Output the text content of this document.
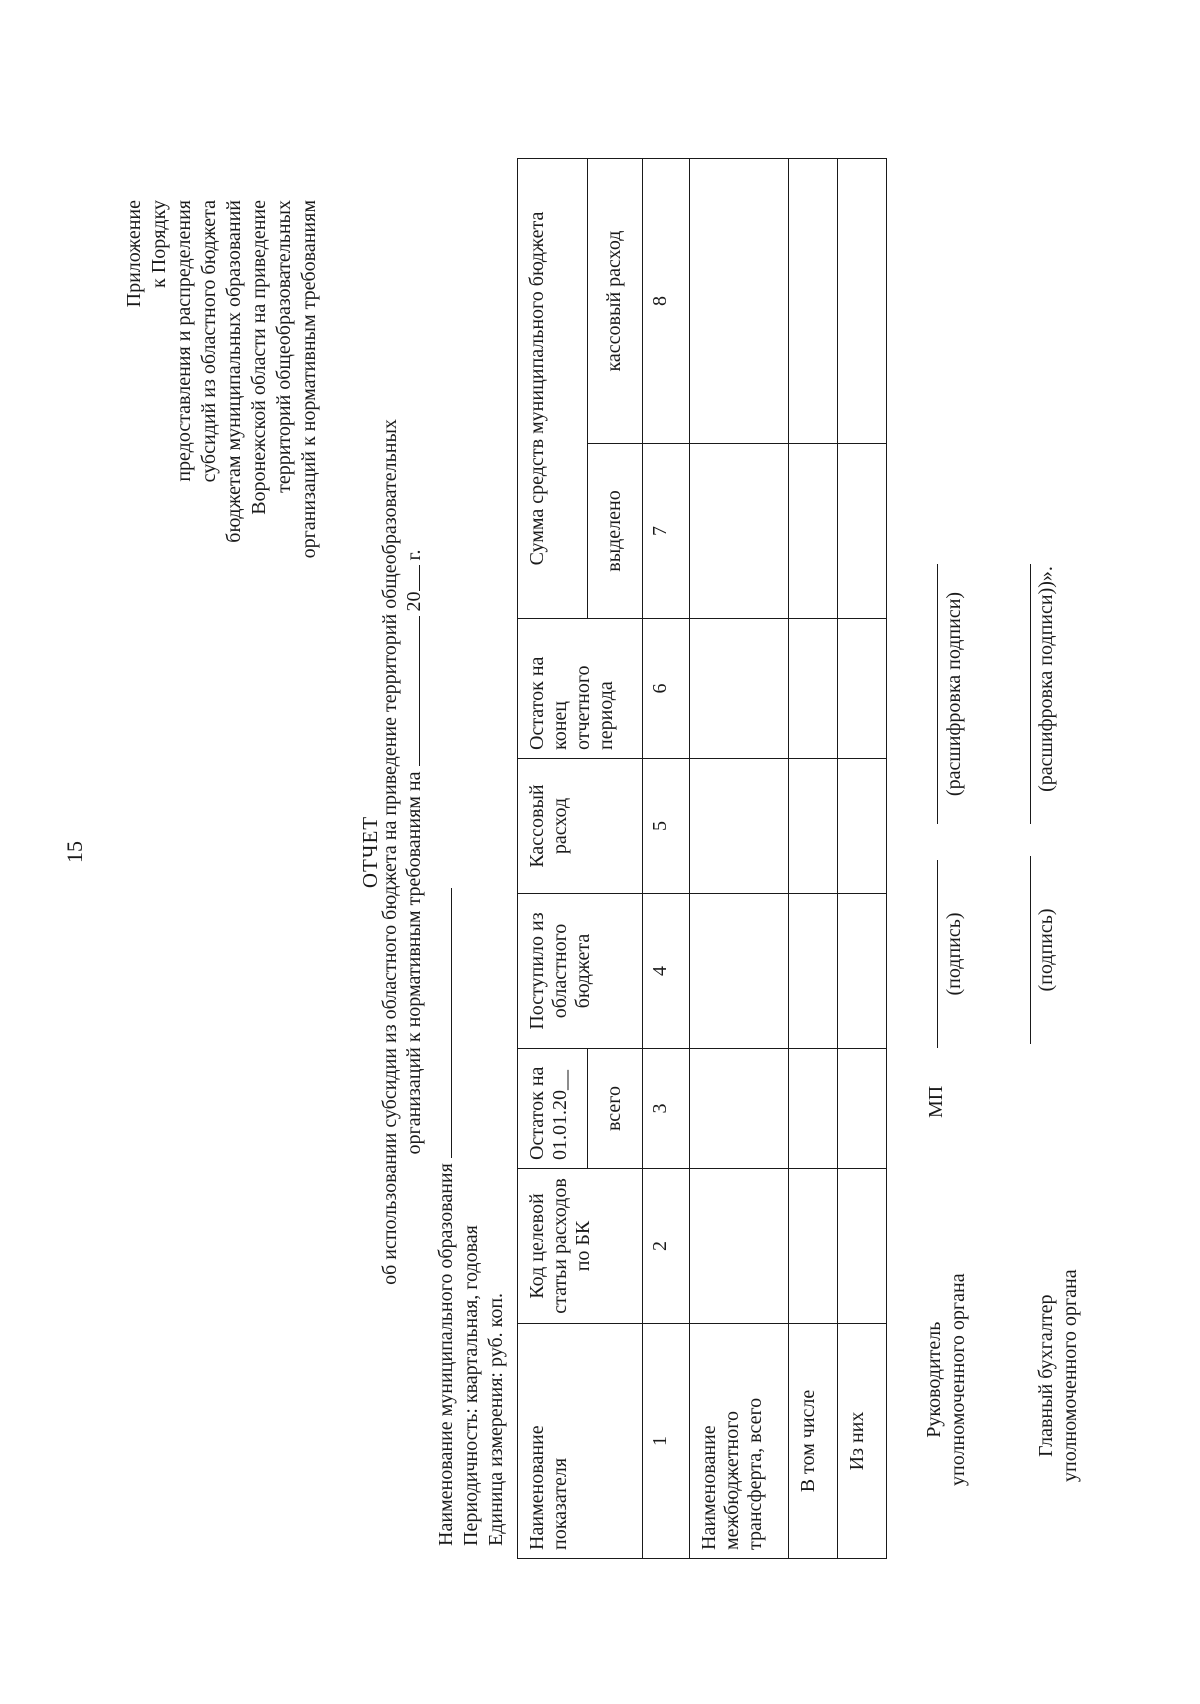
15
Приложение к Порядку предоставления и распределения субсидий из областного бюджета бюджетам муниципальных образований Воронежской области на приведение территорий общеобразовательных организаций к нормативным требованиям
ОТЧЕТ
об использовании субсидии из областного бюджета на приведение территорий общеобразовательных организаций к нормативным требованиям на  20 г.
Наименование муниципального образования Периодичность: квартальная, годовая Единица измерения: руб. коп. Наименование показателя	Код целевой статьи расходов по БК	Остаток на 01.01.20__	Поступило из областного бюджета	Кассовый расход	Остаток на конец отчетного периода	Сумма средств муниципального бюджета	
		всего				выделено	кассовый расход
1	2	3	4	5	6	7	8
Наименование межбюджетного трансферта, всего							
В том числе							
Из них							
Руководитель уполномоченного органа
МП
(подпись)
(расшифровка подписи)
Главный бухгалтер уполномоченного органа
(подпись)
(расшифровка подписи))».
